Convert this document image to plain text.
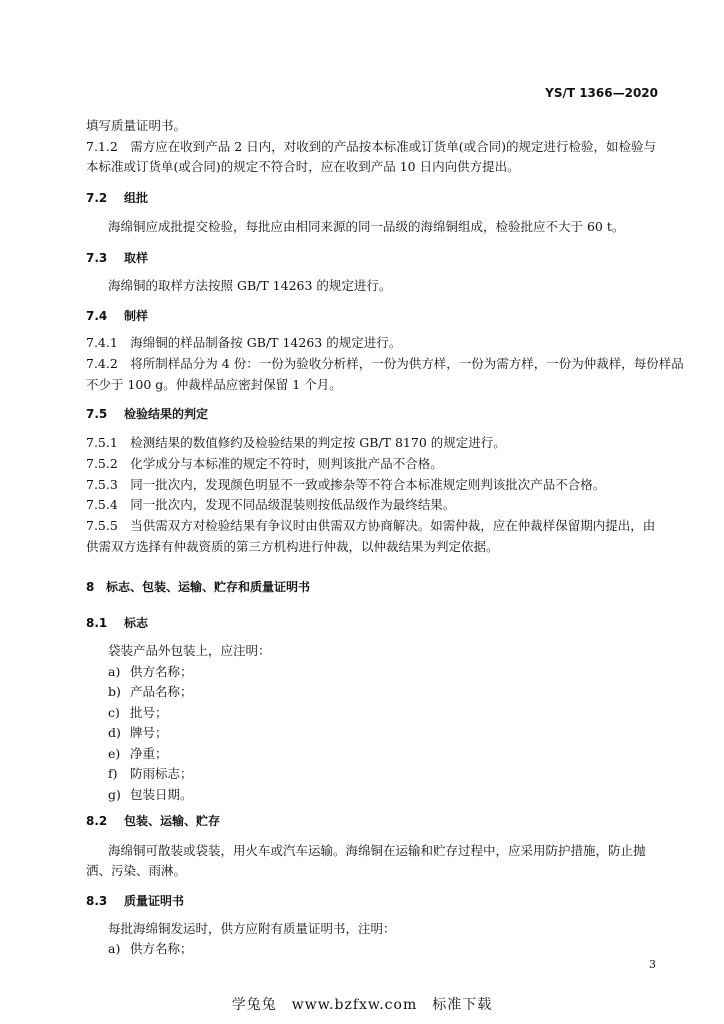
YS/T 1366—2020
填写质量证明书。
7.1.2　需方应在收到产品 2 日内，对收到的产品按本标准或订货单(或合同)的规定进行检验，如检验与
本标准或订货单(或合同)的规定不符合时，应在收到产品 10 日内向供方提出。
7.2 组批
海绵铜应成批提交检验，每批应由相同来源的同一品级的海绵铜组成，检验批应不大于 60 t。
7.3 取样
海绵铜的取样方法按照 GB/T 14263 的规定进行。
7.4 制样
7.4.1　海绵铜的样品制备按 GB/T 14263 的规定进行。
7.4.2　将所制样品分为 4 份：一份为验收分析样，一份为供方样，一份为需方样，一份为仲裁样，每份样品
不少于 100 g。仲裁样品应密封保留 1 个月。
7.5 检验结果的判定
7.5.1　检测结果的数值修约及检验结果的判定按 GB/T 8170 的规定进行。
7.5.2　化学成分与本标准的规定不符时，则判该批产品不合格。
7.5.3　同一批次内，发现颜色明显不一致或掺杂等不符合本标准规定则判该批次产品不合格。
7.5.4　同一批次内，发现不同品级混装则按低品级作为最终结果。
7.5.5　当供需双方对检验结果有争议时由供需双方协商解决。如需仲裁，应在仲裁样保留期内提出，由
供需双方选择有仲裁资质的第三方机构进行仲裁，以仲裁结果为判定依据。
8 标志、包装、运输、贮存和质量证明书
8.1 标志
袋装产品外包装上，应注明：
a) 供方名称；
b) 产品名称；
c) 批号；
d) 牌号；
e) 净重；
f) 防雨标志；
g) 包装日期。
8.2 包装、运输、贮存
海绵铜可散装或袋装，用火车或汽车运输。海绵铜在运输和贮存过程中，应采用防护措施，防止抛
洒、污染、雨淋。
8.3 质量证明书
每批海绵铜发运时，供方应附有质量证明书，注明：
a) 供方名称；
3
学兔兔　www.bzfxw.com　标准下载
